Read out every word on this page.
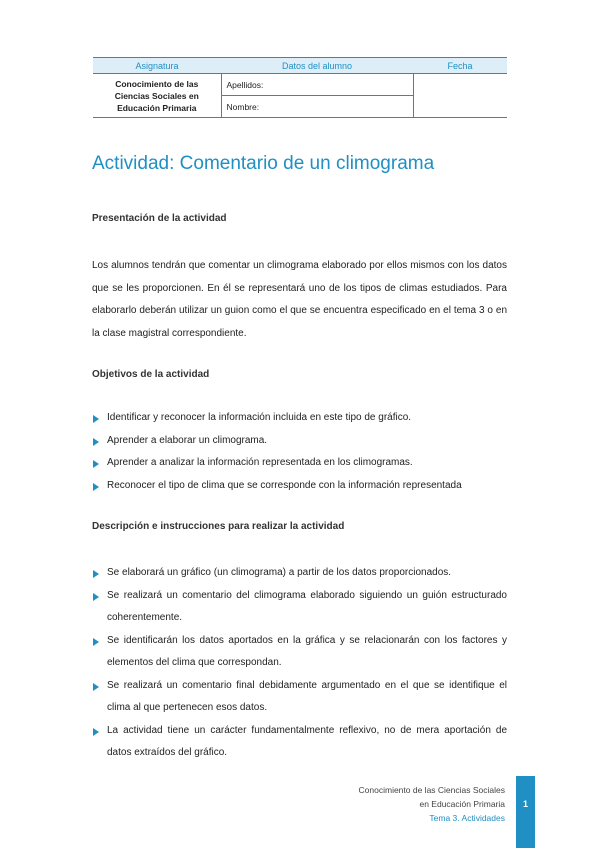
Asignatura	Datos del alumno	Fecha
Conocimiento de las Ciencias Sociales en Educación Primaria	Apellidos:	
	Nombre:	
Actividad: Comentario de un climograma
Presentación de la actividad

Los alumnos tendrán que comentar un climograma elaborado por ellos mismos con los datos que se les proporcionen. En él se representará uno de los tipos de climas estudiados. Para elaborarlo deberán utilizar un guion como el que se encuentra especificado en el tema 3 o en la clase magistral correspondiente.

Objetivos de la actividad
Identificar y reconocer la información incluida en este tipo de gráfico.
Aprender a elaborar un climograma.
Aprender a analizar la información representada en los climogramas.
Reconocer el tipo de clima que se corresponde con la información representada
Descripción e instrucciones para realizar la actividad
Se elaborará un gráfico (un climograma) a partir de los datos proporcionados.
Se realizará un comentario del climograma elaborado siguiendo un guión estructurado coherentemente.
Se identificarán los datos aportados en la gráfica y se relacionarán con los factores y elementos del clima que correspondan.
Se realizará un comentario final debidamente argumentado en el que se identifique el clima al que pertenecen esos datos.
La actividad tiene un carácter fundamentalmente reflexivo, no de mera aportación de datos extraídos del gráfico.
Conocimiento de las Ciencias Sociales
en Educación Primaria
Tema 3. Actividades
1
